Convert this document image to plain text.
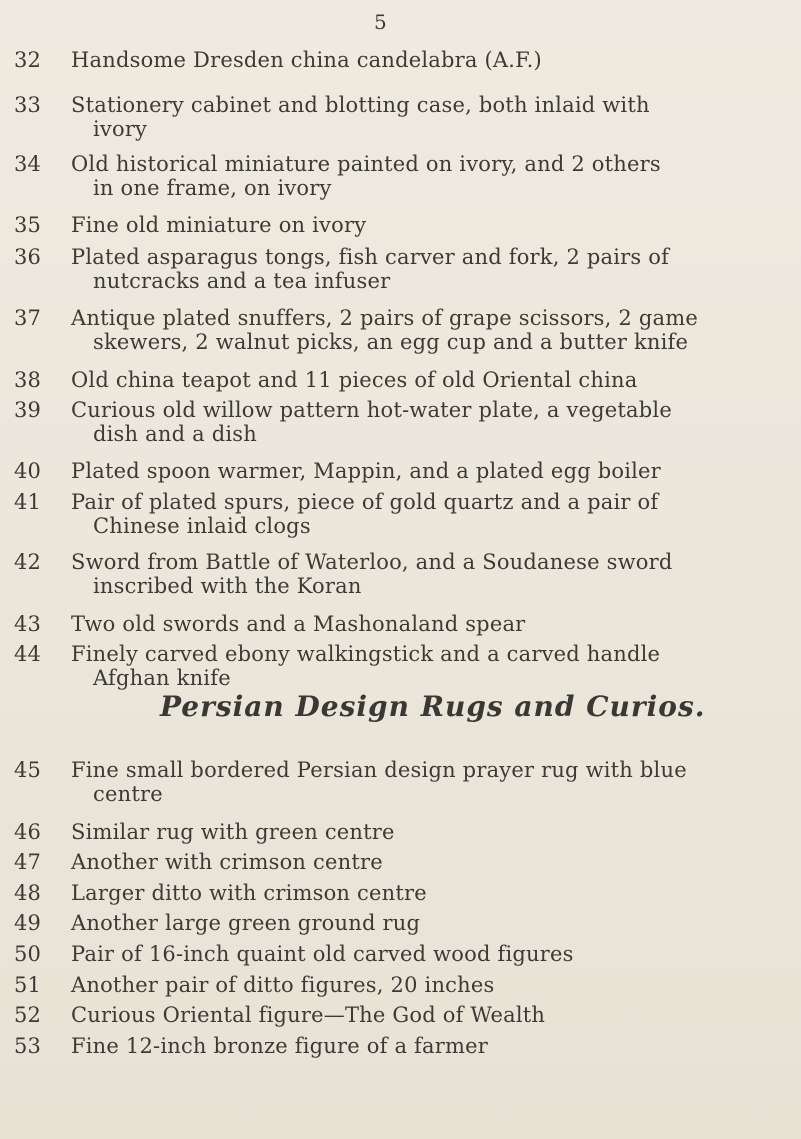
5
32	Handsome Dresden china candelabra (A.F.)
33	Stationery cabinet and blotting case, both inlaid with
ivory
34	Old historical miniature painted on ivory, and 2 others
in one frame, on ivory
35	Fine old miniature on ivory
36	Plated asparagus tongs, fish carver and fork, 2 pairs of
nutcracks and a tea infuser
37	Antique plated snuffers, 2 pairs of grape scissors, 2 game
skewers, 2 walnut picks, an egg cup and a butter knife
38	Old china teapot and 11 pieces of old Oriental china
39	Curious old willow pattern hot-water plate, a vegetable
dish and a dish
40	Plated spoon warmer, Mappin, and a plated egg boiler
41	Pair of plated spurs, piece of gold quartz and a pair of
Chinese inlaid clogs
42	Sword from Battle of Waterloo, and a Soudanese sword
inscribed with the Koran
43	Two old swords and a Mashonaland spear
44	Finely carved ebony walkingstick and a carved handle
Afghan knife
Persian Design Rugs and Curios.
45	Fine small bordered Persian design prayer rug with blue
centre
46	Similar rug with green centre
47	Another with crimson centre
48	Larger ditto with crimson centre
49	Another large green ground rug
50	Pair of 16-inch quaint old carved wood figures
51	Another pair of ditto figures, 20 inches
52	Curious Oriental figure—The God of Wealth
53	Fine 12-inch bronze figure of a farmer
